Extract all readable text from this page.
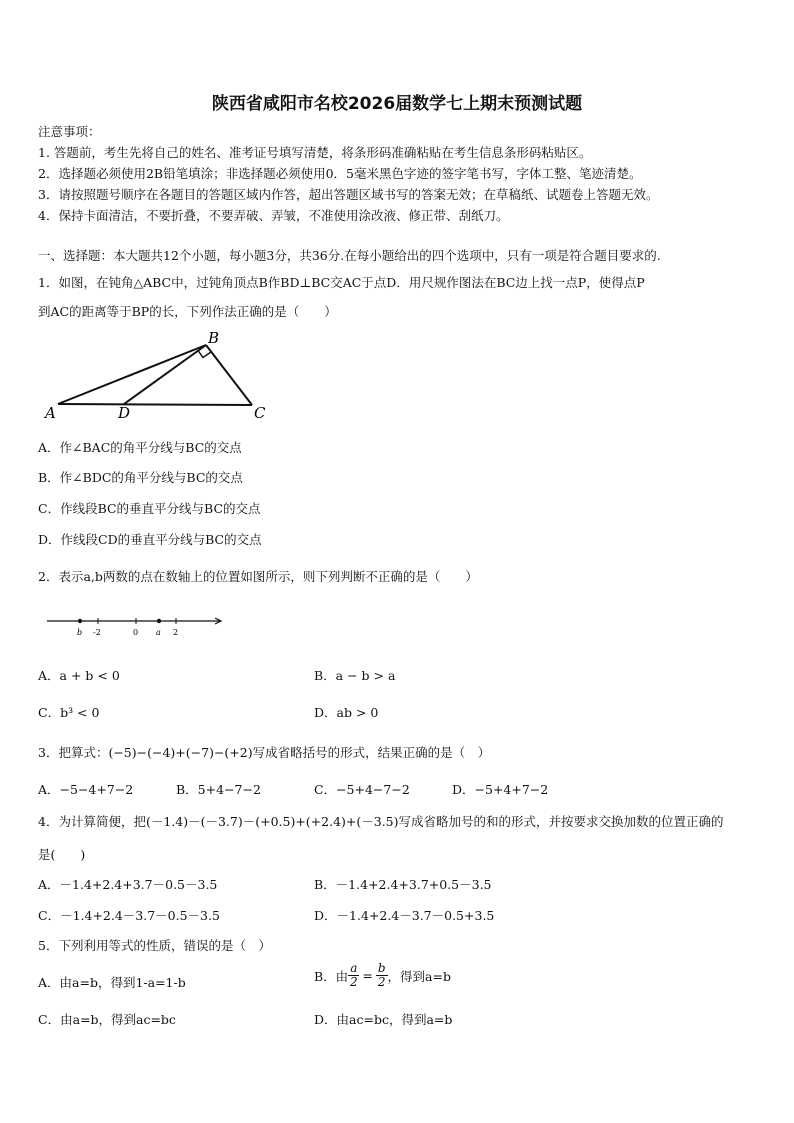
陕西省咸阳市名校2026届数学七上期末预测试题
注意事项：
1. 答题前，考生先将自己的姓名、准考证号填写清楚，将条形码准确粘贴在考生信息条形码粘贴区。
2．选择题必须使用2B铅笔填涂；非选择题必须使用0．5毫米黑色字迹的签字笔书写，字体工整、笔迹清楚。
3．请按照题号顺序在各题目的答题区域内作答，超出答题区域书写的答案无效；在草稿纸、试题卷上答题无效。
4．保持卡面清洁，不要折叠，不要弄破、弄皱，不准使用涂改液、修正带、刮纸刀。
一、选择题：本大题共12个小题，每小题3分，共36分.在每小题给出的四个选项中，只有一项是符合题目要求的.
1．如图，在钝角△ABC中，过钝角顶点B作BD⊥BC交AC于点D．用尺规作图法在BC边上找一点P，使得点P
到AC的距离等于BP的长，下列作法正确的是（　　）
A	D
B
C
A．作∠BAC的角平分线与BC的交点
B．作∠BDC的角平分线与BC的交点
C．作线段BC的垂直平分线与BC的交点
D．作线段CD的垂直平分线与BC的交点
2．表示a,b两数的点在数轴上的位置如图所示，则下列判断不正确的是（　　）
b -2	0 a 2
A．a + b < 0	B．a − b > a
C．b³ < 0	D．ab > 0
3．把算式：(−5)−(−4)+(−7)−(+2)写成省略括号的形式，结果正确的是（　）
A．−5−4+7−2	B．5+4−7−2	C．−5+4−7−2	D．−5+4+7−2
4．为计算简便，把(－1.4)－(－3.7)－(+0.5)+(+2.4)+(－3.5)写成省略加号的和的形式，并按要求交换加数的位置正确的
是(　　)
A．－1.4+2.4+3.7－0.5－3.5	B．－1.4+2.4+3.7+0.5－3.5
C．－1.4+2.4－3.7－0.5－3.5	D．－1.4+2.4－3.7－0.5+3.5
5．下列利用等式的性质，错误的是（　）
A．由a=b，得到1-a=1-b	B．由 $\frac{a}{2} = \frac{b}{2}$ ，得到a=b
C．由a=b，得到ac=bc	D．由ac=bc，得到a=b
